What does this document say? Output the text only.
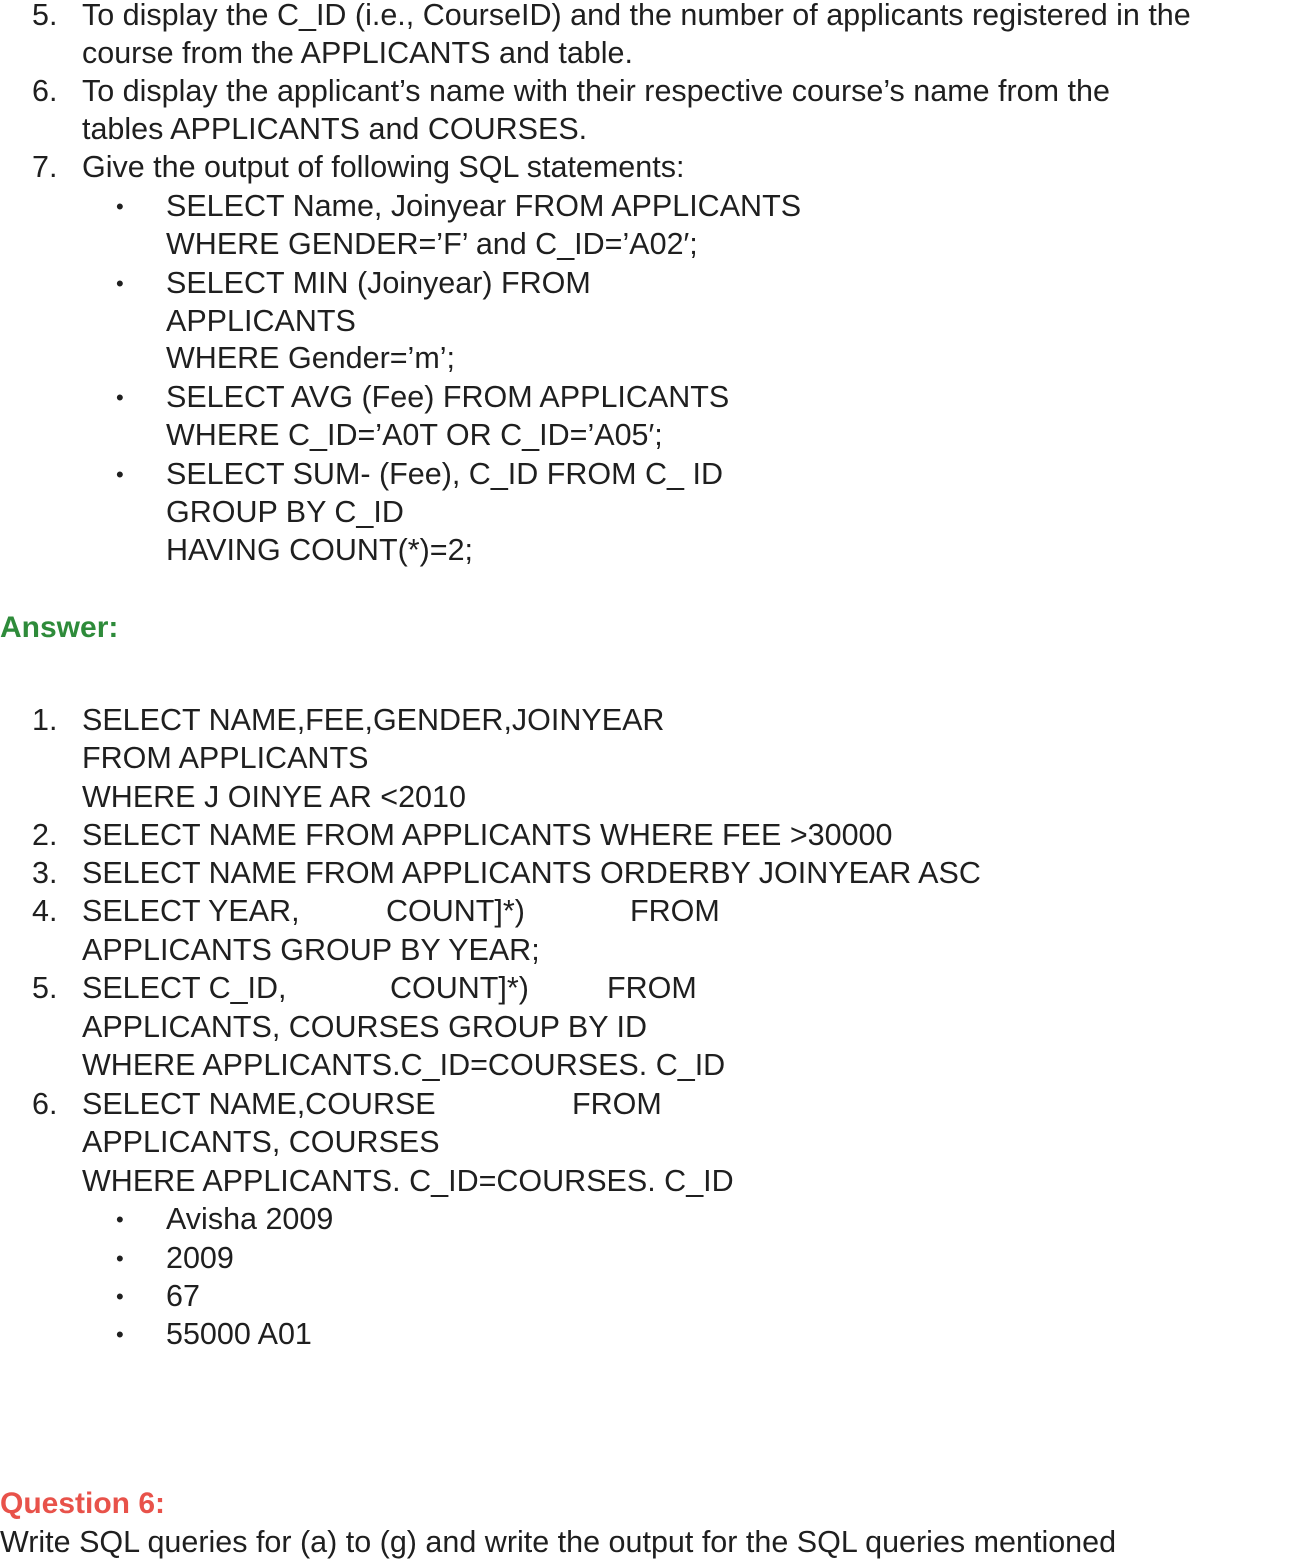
5. To display the C_ID (i.e., CourseID) and the number of applicants registered in the
course from the APPLICANTS and table.
6. To display the applicant’s name with their respective course’s name from the
tables APPLICANTS and COURSES.
7. Give the output of following SQL statements:
• SELECT Name, Joinyear FROM APPLICANTS
WHERE GENDER=’F’ and C_ID=’A02′;
• SELECT MIN (Joinyear) FROM
APPLICANTS
WHERE Gender=’m’;
• SELECT AVG (Fee) FROM APPLICANTS
WHERE C_ID=’A0T OR C_ID=’A05′;
• SELECT SUM- (Fee), C_ID FROM C_ ID
GROUP BY C_ID
HAVING COUNT(*)=2;
Answer:
1. SELECT NAME,FEE,GENDER,JOINYEAR
FROM APPLICANTS
WHERE J OINYE AR <2010
2. SELECT NAME FROM APPLICANTS WHERE FEE >30000
3. SELECT NAME FROM APPLICANTS ORDERBY JOINYEAR ASC
4. SELECT YEAR,	COUNT]*)	FROM
APPLICANTS GROUP BY YEAR;
5. SELECT C_ID,	COUNT]*)	FROM
APPLICANTS, COURSES GROUP BY ID
WHERE APPLICANTS.C_ID=COURSES. C_ID
6. SELECT NAME,COURSE	FROM
APPLICANTS, COURSES
WHERE APPLICANTS. C_ID=COURSES. C_ID
• Avisha 2009
• 2009
• 67
• 55000 A01
Question 6:
Write SQL queries for (a) to (g) and write the output for the SQL queries mentioned
